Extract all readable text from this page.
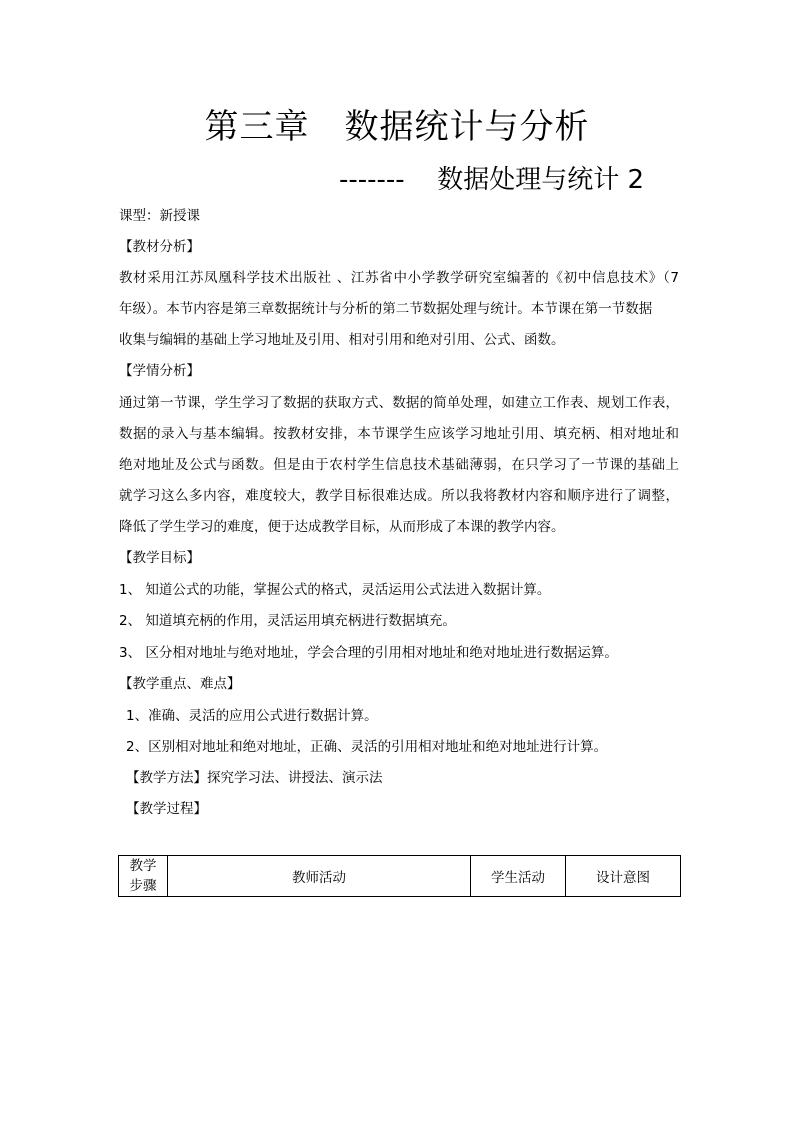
第三章　数据统计与分析
------- 数据处理与统计 2
课型：新授课
【教材分析】
教材采用江苏凤凰科学技术出版社 、江苏省中小学教学研究室编著的《初中信息技术》（7
年级）。本节内容是第三章数据统计与分析的第二节数据处理与统计。本节课在第一节数据
收集与编辑的基础上学习地址及引用、相对引用和绝对引用、公式、函数。
【学情分析】
通过第一节课，学生学习了数据的获取方式、数据的简单处理，如建立工作表、规划工作表，
数据的录入与基本编辑。按教材安排，本节课学生应该学习地址引用、填充柄、相对地址和
绝对地址及公式与函数。但是由于农村学生信息技术基础薄弱，在只学习了一节课的基础上
就学习这么多内容，难度较大，教学目标很难达成。所以我将教材内容和顺序进行了调整，
降低了学生学习的难度，便于达成教学目标，从而形成了本课的教学内容。
【教学目标】
1、 知道公式的功能，掌握公式的格式，灵活运用公式法进入数据计算。
2、 知道填充柄的作用，灵活运用填充柄进行数据填充。
3、 区分相对地址与绝对地址，学会合理的引用相对地址和绝对地址进行数据运算。
【教学重点、难点】
1、准确、灵活的应用公式进行数据计算。
2、区别相对地址和绝对地址，正确、灵活的引用相对地址和绝对地址进行计算。
【教学方法】探究学习法、讲授法、演示法
【教学过程】
教学
步骤	教师活动	学生活动	设计意图
